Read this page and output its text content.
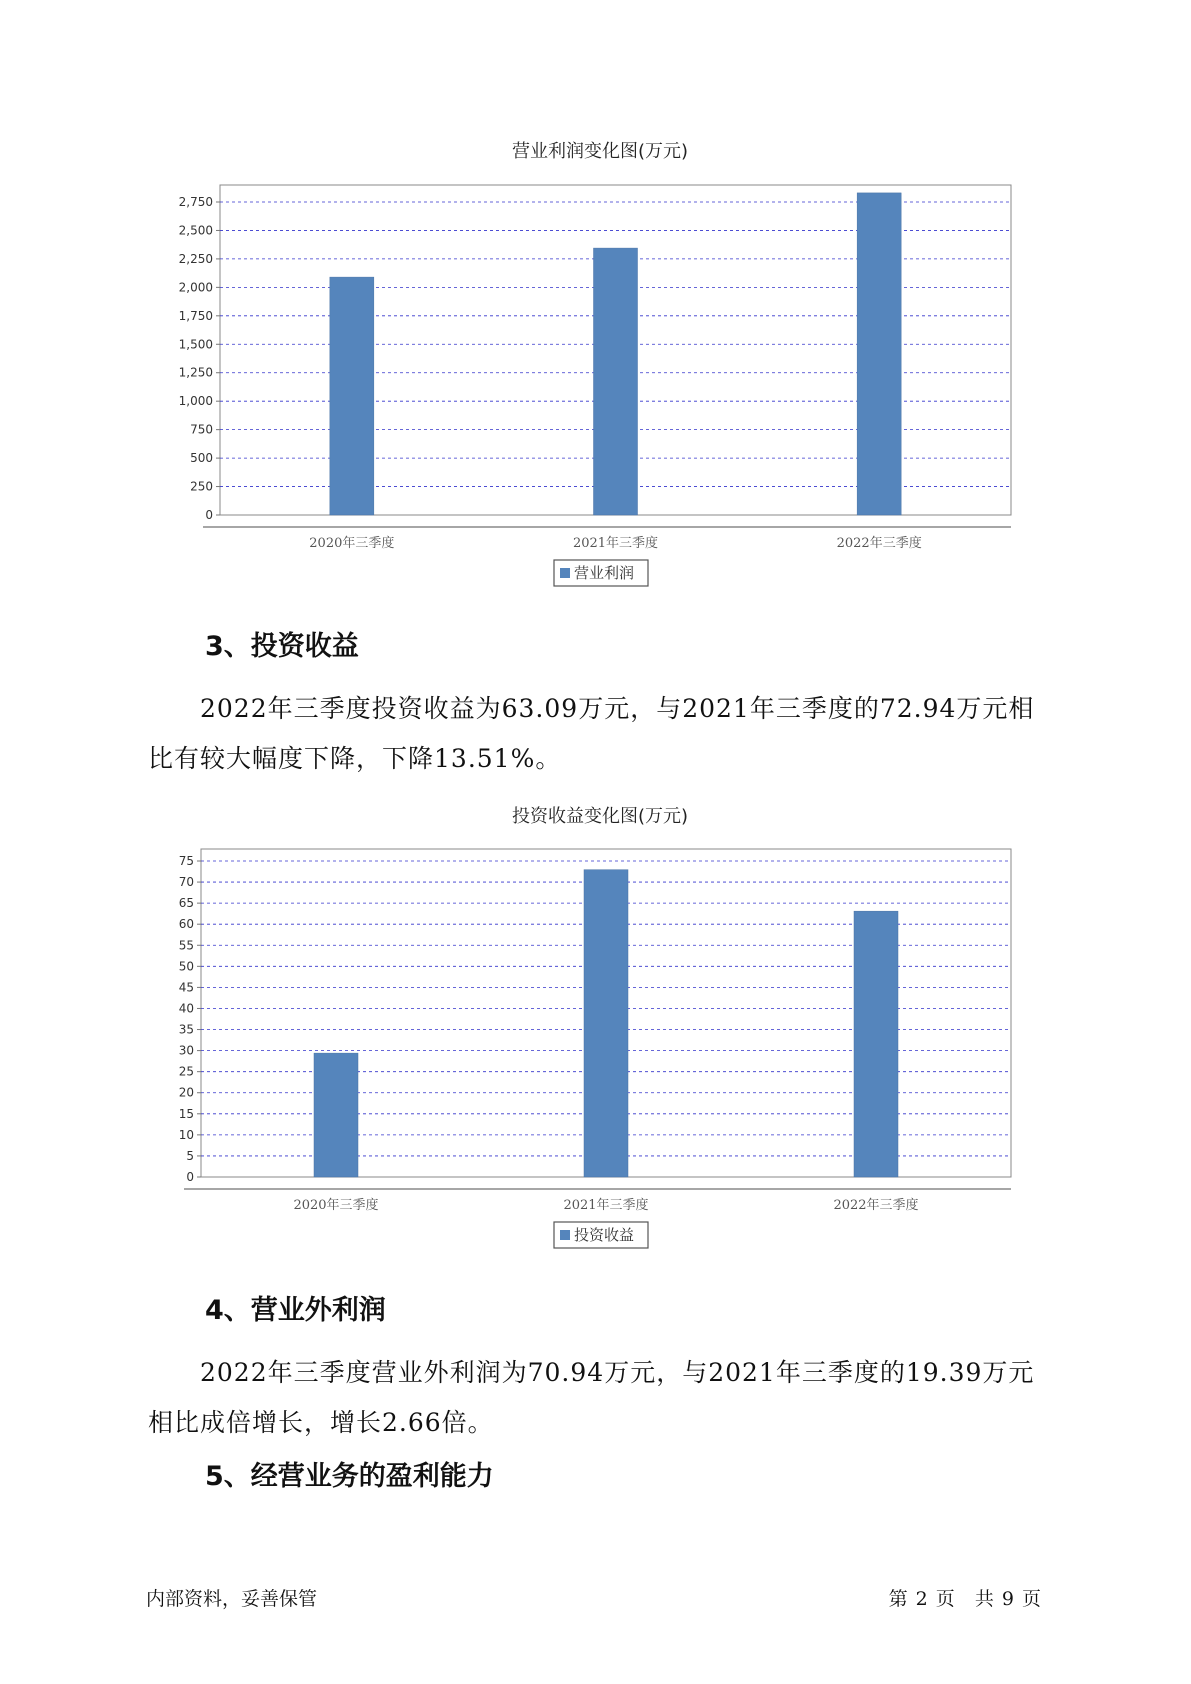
营业利润变化图(万元)
0
250
500
750
1,000
1,250
1,500
1,750
2,000
2,250
2,500
2,750
2020年三季度	2021年三季度	2022年三季度
营业利润
3、投资收益

2022年三季度投资收益为63.09万元，与2021年三季度的72.94万元相比有较大幅度下降，下降13.51%。

投资收益变化图(万元)
0
5
10
15
20
25
30
35
40
45
50
55
60
65
70
75
2020年三季度	2021年三季度	2022年三季度
投资收益
4、营业外利润

2022年三季度营业外利润为70.94万元，与2021年三季度的19.39万元相比成倍增长，增长2.66倍。

5、经营业务的盈利能力
内部资料，妥善保管	第 2 页 共 9 页
